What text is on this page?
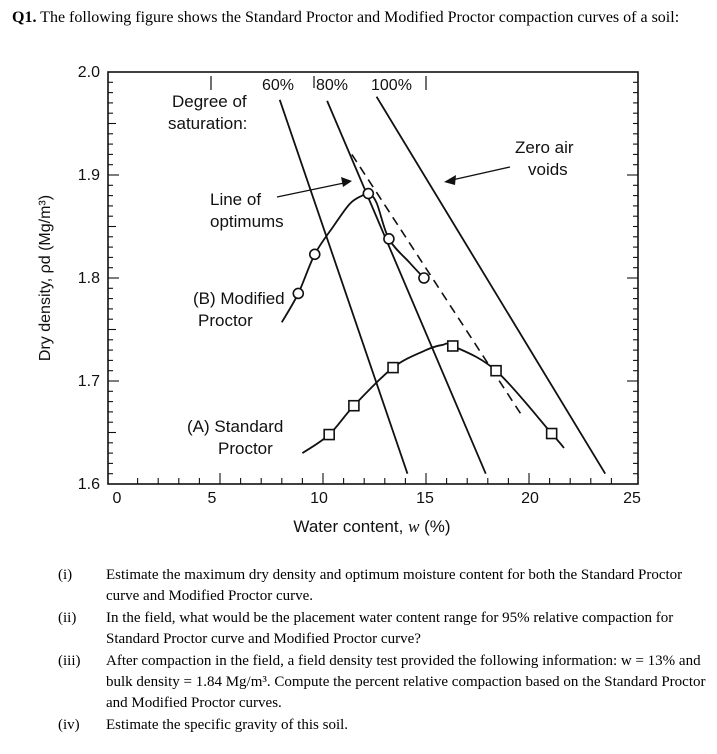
Q1. The following figure shows the Standard Proctor and Modified Proctor compaction curves of a soil:
Dry density, ρd (Mg/m³)
Water content, w (%)
2.0
1.9
1.8
1.7
1.6
0	5	10	15	20	25
60% 80% 100%
Degree of
saturation:
Zero air
voids
Line of
optimums
(B) Modified
Proctor
(A) Standard
Proctor
(i)	Estimate the maximum dry density and optimum moisture content for both the Standard Proctor curve and Modified Proctor curve.
(ii)	In the field, what would be the placement water content range for 95% relative compaction for Standard Proctor curve and Modified Proctor curve?
(iii)	After compaction in the field, a field density test provided the following information: w = 13% and bulk density = 1.84 Mg/m³. Compute the percent relative compaction based on the Standard Proctor and Modified Proctor curves.
(iv)	Estimate the specific gravity of this soil.
